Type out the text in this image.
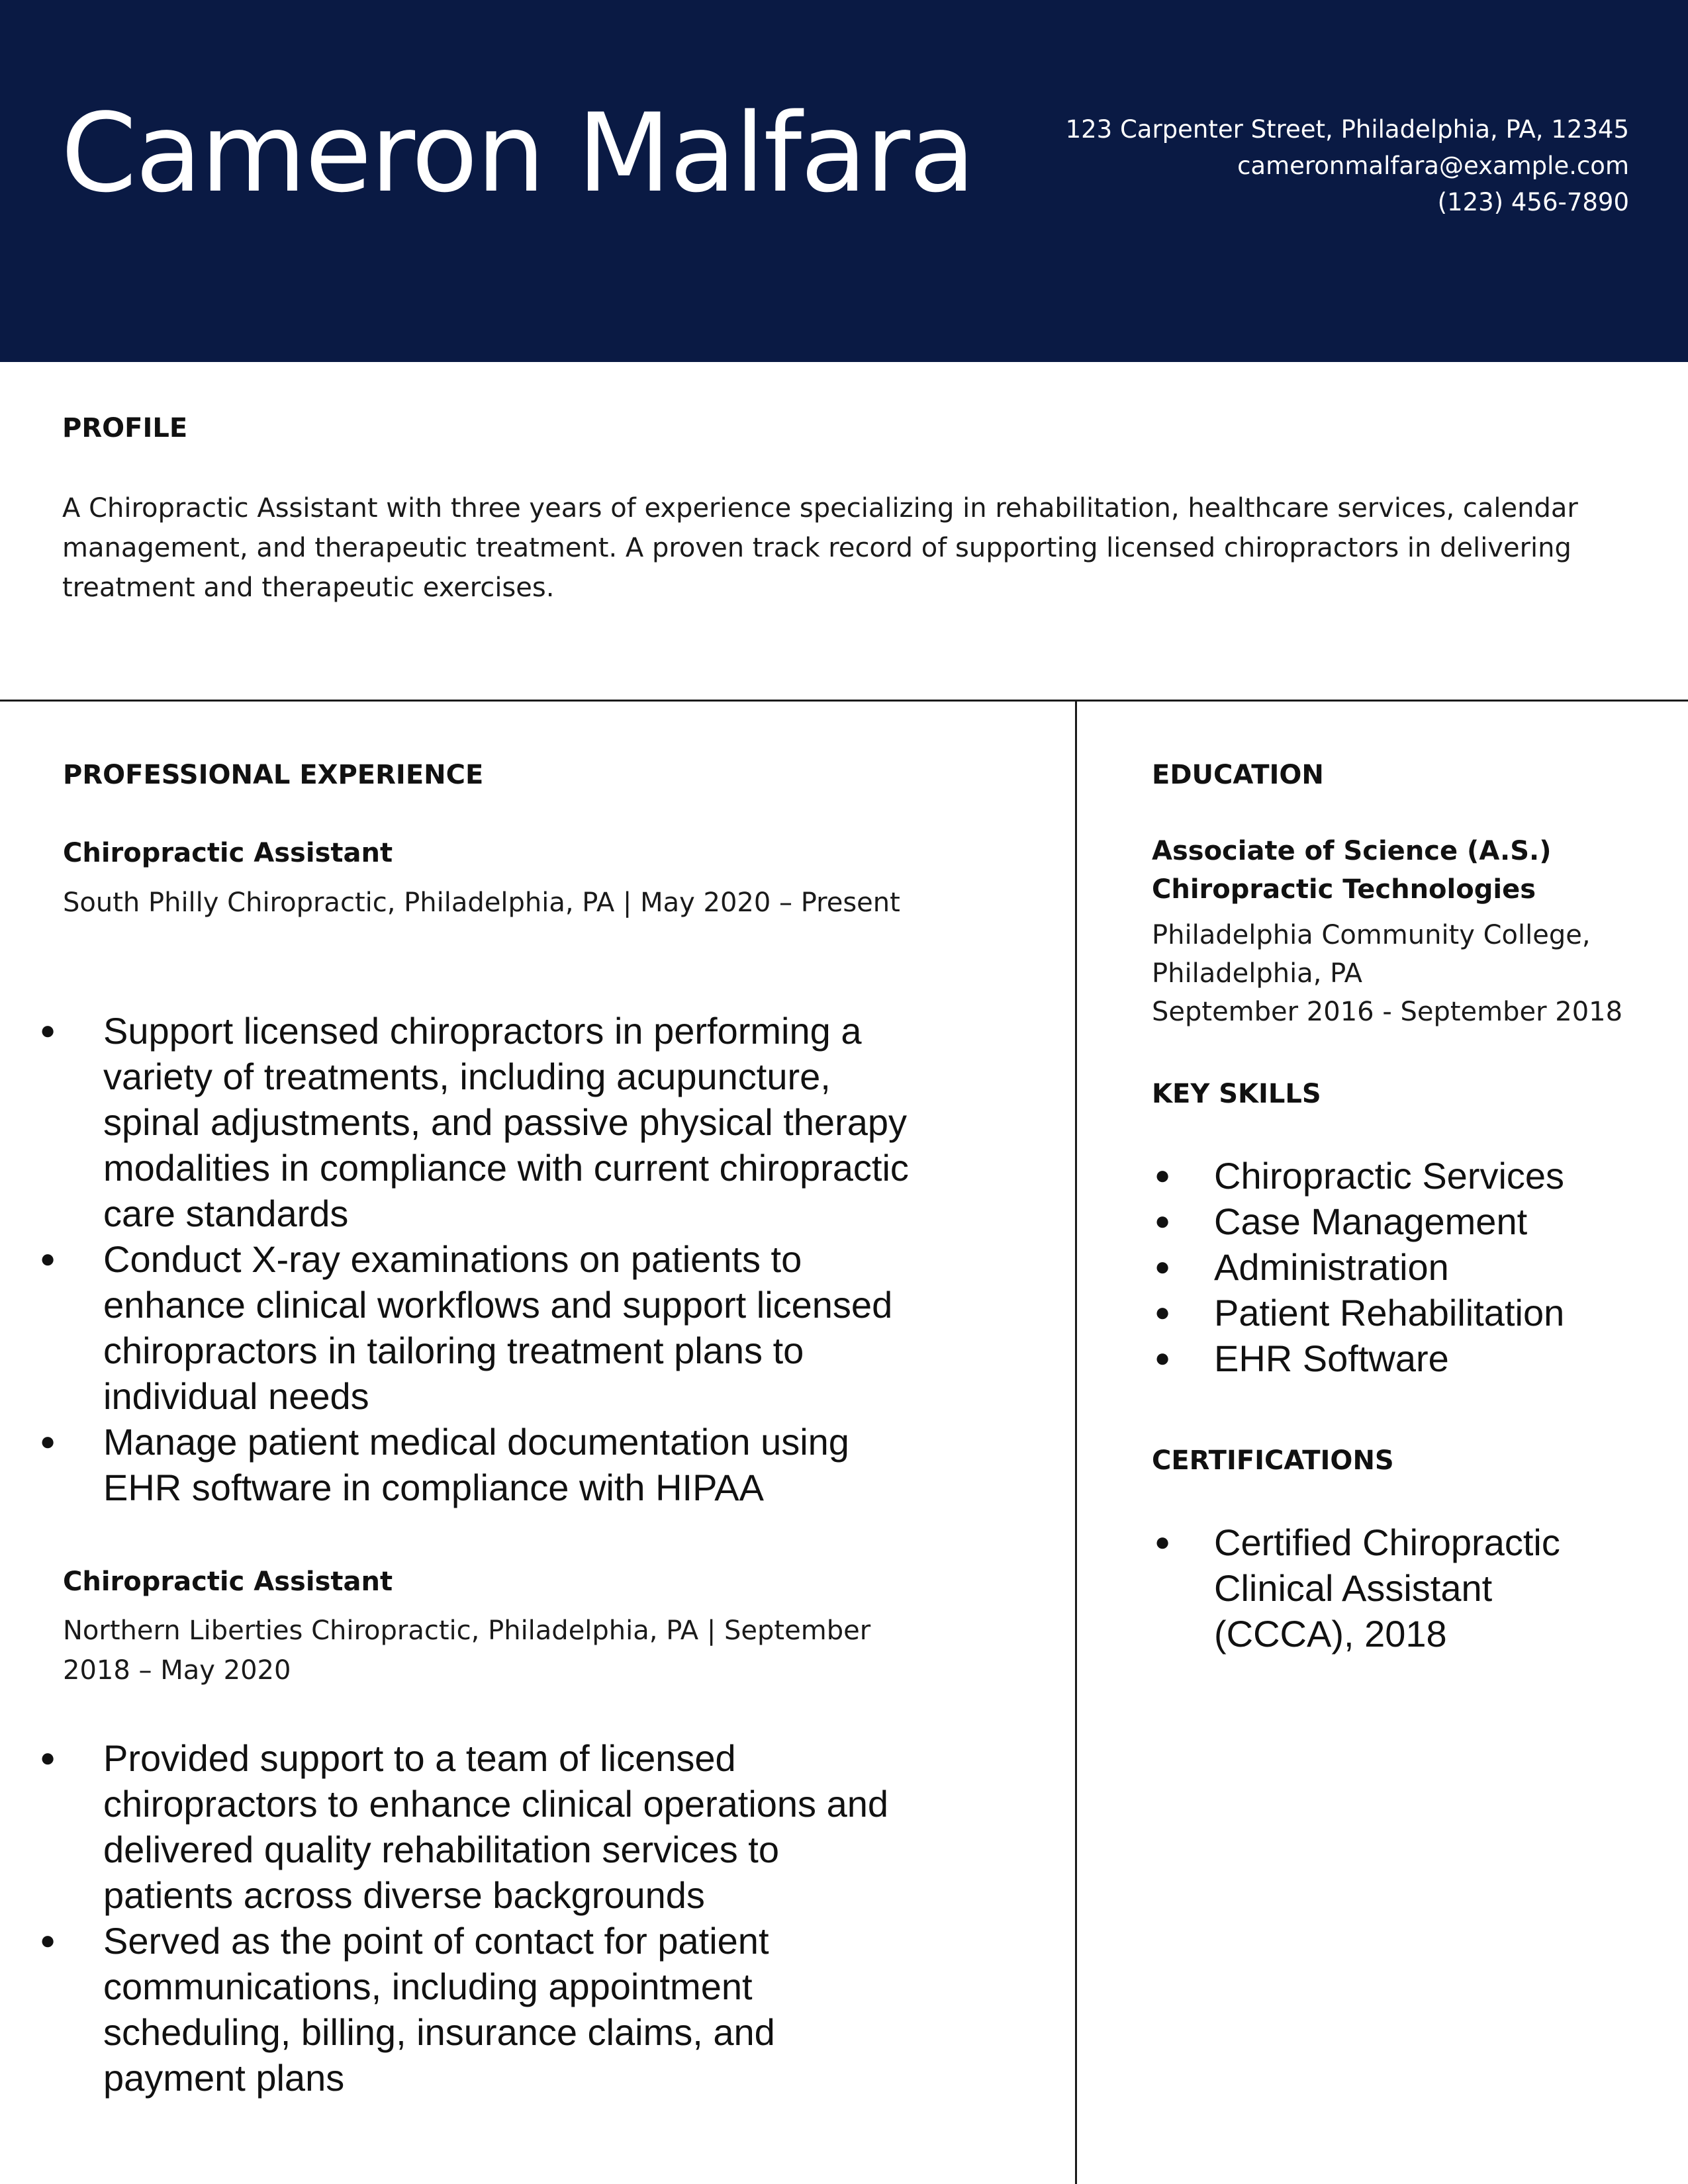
Cameron Malfara	123 Carpenter Street, Philadelphia, PA, 12345
cameronmalfara@example.com
(123) 456-7890
PROFILE
A Chiropractic Assistant with three years of experience specializing in rehabilitation, healthcare services, calendar management, and therapeutic treatment. A proven track record of supporting licensed chiropractors in delivering treatment and therapeutic exercises.
PROFESSIONAL EXPERIENCE
Chiropractic Assistant
South Philly Chiropractic, Philadelphia, PA | May 2020 – Present
● Support licensed chiropractors in performing a variety of treatments, including acupuncture, spinal adjustments, and passive physical therapy modalities in compliance with current chiropractic care standards
● Conduct X-ray examinations on patients to enhance clinical workflows and support licensed chiropractors in tailoring treatment plans to individual needs
● Manage patient medical documentation using EHR software in compliance with HIPAA
Chiropractic Assistant
Northern Liberties Chiropractic, Philadelphia, PA | September 2018 – May 2020
● Provided support to a team of licensed chiropractors to enhance clinical operations and delivered quality rehabilitation services to patients across diverse backgrounds
● Served as the point of contact for patient communications, including appointment scheduling, billing, insurance claims, and payment plans
EDUCATION
Associate of Science (A.S.)
Chiropractic Technologies
Philadelphia Community College,
Philadelphia, PA
September 2016 - September 2018
KEY SKILLS
● Chiropractic Services
● Case Management
● Administration
● Patient Rehabilitation
● EHR Software
CERTIFICATIONS
● Certified Chiropractic Clinical Assistant (CCCA), 2018
